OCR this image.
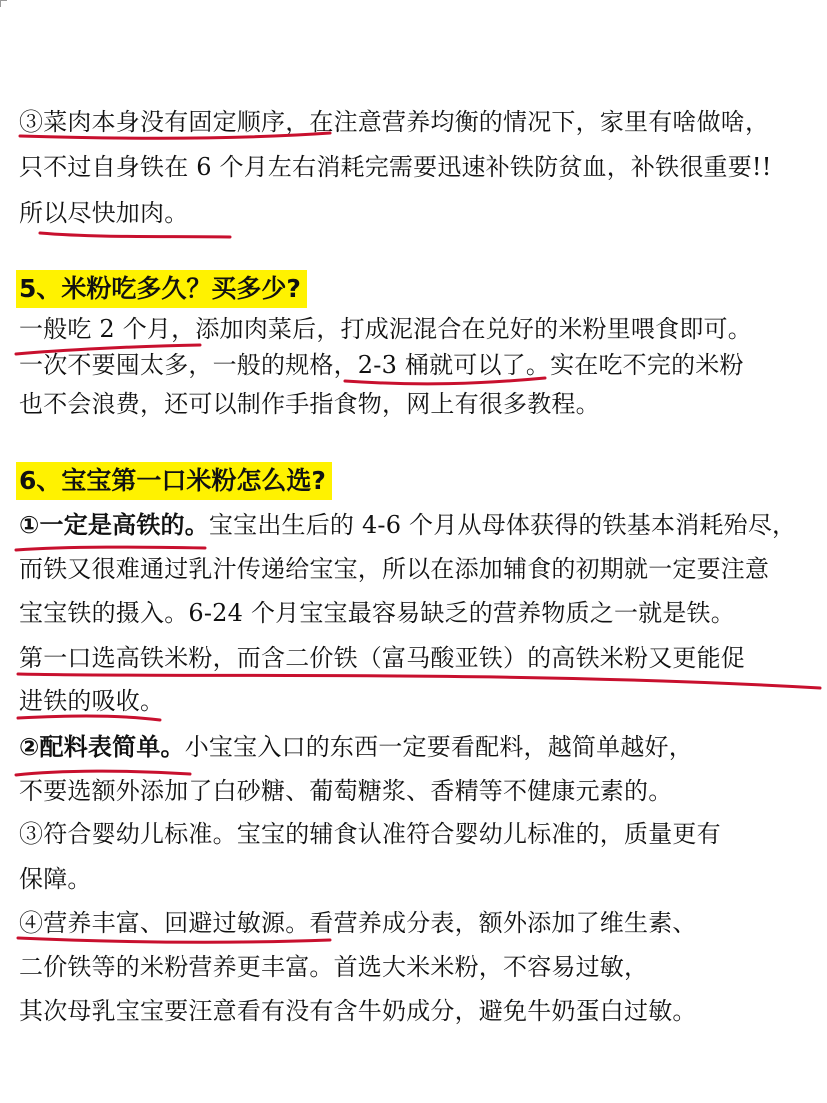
③菜肉本身没有固定顺序，在注意营养均衡的情况下，家里有啥做啥，
只不过自身铁在 6 个月左右消耗完需要迅速补铁防贫血，补铁很重要!!
所以尽快加肉。
5、米粉吃多久？买多少?
一般吃 2 个月，添加肉菜后，打成泥混合在兑好的米粉里喂食即可。
一次不要囤太多，一般的规格，2-3 桶就可以了。实在吃不完的米粉
也不会浪费，还可以制作手指食物，网上有很多教程。
6、宝宝第一口米粉怎么选?
①一定是高铁的。宝宝出生后的 4-6 个月从母体获得的铁基本消耗殆尽，
而铁又很难通过乳汁传递给宝宝，所以在添加辅食的初期就一定要注意
宝宝铁的摄入。6-24 个月宝宝最容易缺乏的营养物质之一就是铁。
第一口选高铁米粉，而含二价铁（富马酸亚铁）的高铁米粉又更能促
进铁的吸收。
②配料表简单。小宝宝入口的东西一定要看配料，越简单越好，
不要选额外添加了白砂糖、葡萄糖浆、香精等不健康元素的。
③符合婴幼儿标准。宝宝的辅食认准符合婴幼儿标准的，质量更有
保障。
④营养丰富、回避过敏源。看营养成分表，额外添加了维生素、
二价铁等的米粉营养更丰富。首选大米米粉，不容易过敏，
其次母乳宝宝要汪意看有没有含牛奶成分，避免牛奶蛋白过敏。
